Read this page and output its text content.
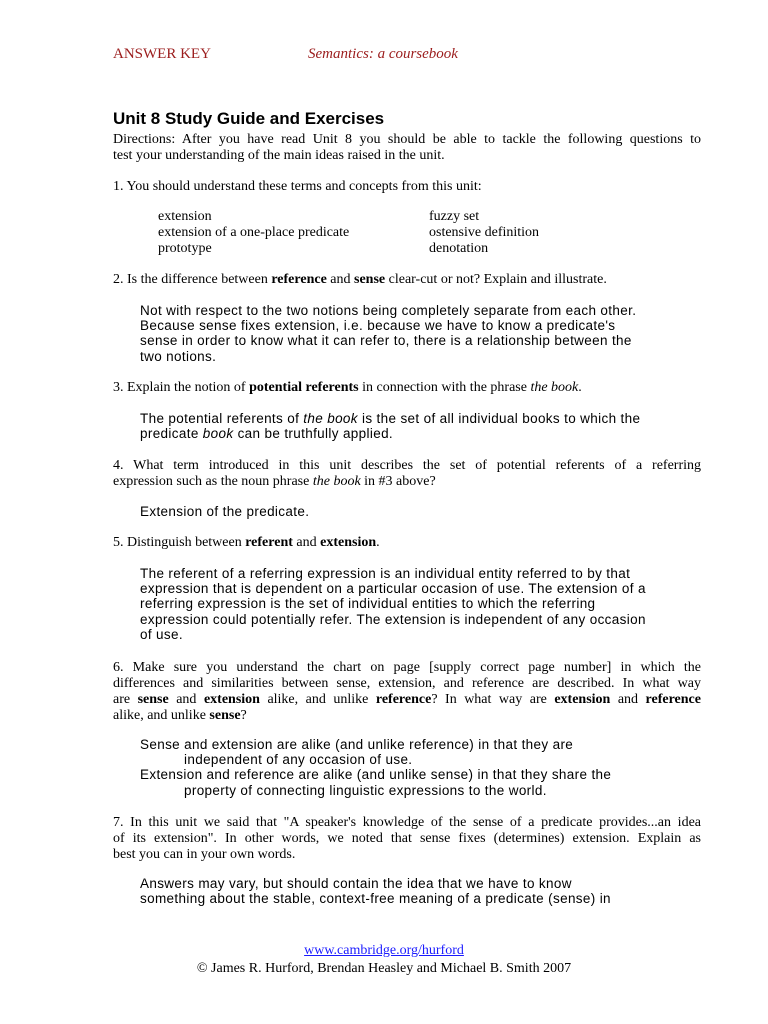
ANSWER KEY	Semantics: a coursebook
Unit 8 Study Guide and Exercises
Directions: After you have read Unit 8 you should be able to tackle the following questions to
test your understanding of the main ideas raised in the unit.
1. You should understand these terms and concepts from this unit:
extension
extension of a one-place predicate
prototype
fuzzy set
ostensive definition
denotation
2. Is the difference between reference and sense clear-cut or not? Explain and illustrate.
Not with respect to the two notions being completely separate from each other.
Because sense fixes extension, i.e. because we have to know a predicate's
sense in order to know what it can refer to, there is a relationship between the
two notions.
3. Explain the notion of potential referents in connection with the phrase the book.
The potential referents of the book is the set of all individual books to which the
predicate book can be truthfully applied.
4. What term introduced in this unit describes the set of potential referents of a referring
expression such as the noun phrase the book in #3 above?
Extension of the predicate.
5. Distinguish between referent and extension.
The referent of a referring expression is an individual entity referred to by that
expression that is dependent on a particular occasion of use. The extension of a
referring expression is the set of individual entities to which the referring
expression could potentially refer. The extension is independent of any occasion
of use.
6. Make sure you understand the chart on page [supply correct page number] in which the
differences and similarities between sense, extension, and reference are described. In what way
are sense and extension alike, and unlike reference? In what way are extension and reference
alike, and unlike sense?
Sense and extension are alike (and unlike reference) in that they are
independent of any occasion of use.
Extension and reference are alike (and unlike sense) in that they share the
property of connecting linguistic expressions to the world.
7. In this unit we said that "A speaker's knowledge of the sense of a predicate provides...an idea
of its extension". In other words, we noted that sense fixes (determines) extension. Explain as
best you can in your own words.
Answers may vary, but should contain the idea that we have to know
something about the stable, context-free meaning of a predicate (sense) in
www.cambridge.org/hurford
© James R. Hurford, Brendan Heasley and Michael B. Smith 2007
